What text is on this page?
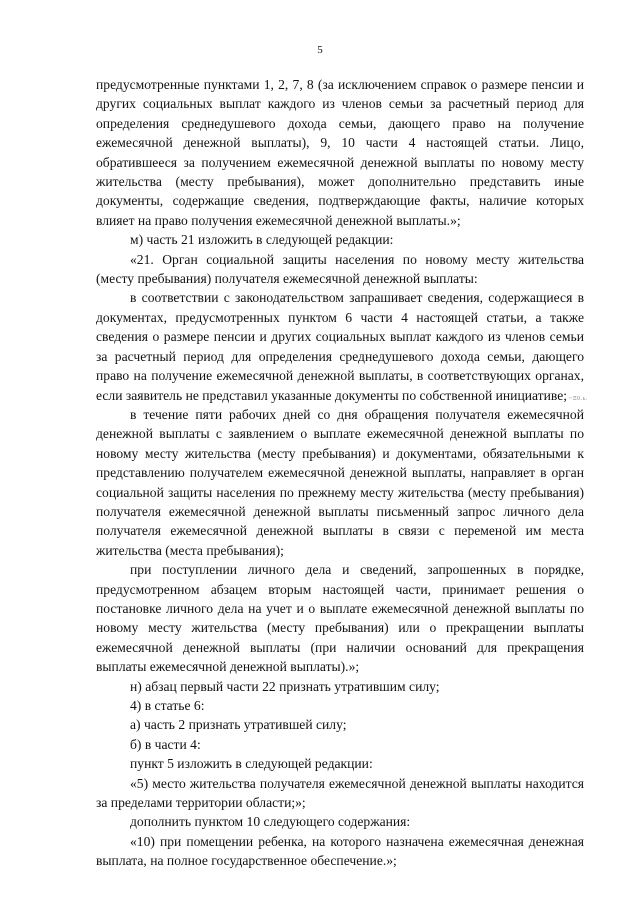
5
~Ξ0.ь.

предусмотренные пунктами 1, 2, 7, 8 (за исключением справок о размере пенсии и других социальных выплат каждого из членов семьи за расчетный период для определения среднедушевого дохода семьи, дающего право на получение ежемесячной денежной выплаты), 9, 10 части 4 настоящей статьи. Лицо, обратившееся за получением ежемесячной денежной выплаты по новому месту жительства (месту пребывания), может дополнительно представить иные документы, содержащие сведения, подтверждающие факты, наличие которых влияет на право получения ежемесячной денежной выплаты.»;

м) часть 21 изложить в следующей редакции:

«21. Орган социальной защиты населения по новому месту жительства (месту пребывания) получателя ежемесячной денежной выплаты:

в соответствии с законодательством запрашивает сведения, содержащиеся в документах, предусмотренных пунктом 6 части 4 настоящей статьи, а также сведения о размере пенсии и других социальных выплат каждого из членов семьи за расчетный период для определения среднедушевого дохода семьи, дающего право на получение ежемесячной денежной выплаты, в соответствующих органах, если заявитель не представил указанные документы по собственной инициативе;

в течение пяти рабочих дней со дня обращения получателя ежемесячной денежной выплаты с заявлением о выплате ежемесячной денежной выплаты по новому месту жительства (месту пребывания) и документами, обязательными к представлению получателем ежемесячной денежной выплаты, направляет в орган социальной защиты населения по прежнему месту жительства (месту пребывания) получателя ежемесячной денежной выплаты письменный запрос личного дела получателя ежемесячной денежной выплаты в связи с переменой им места жительства (места пребывания);

при поступлении личного дела и сведений, запрошенных в порядке, предусмотренном абзацем вторым настоящей части, принимает решения о постановке личного дела на учет и о выплате ежемесячной денежной выплаты по новому месту жительства (месту пребывания) или о прекращении выплаты ежемесячной денежной выплаты (при наличии оснований для прекращения выплаты ежемесячной денежной выплаты).»;

н) абзац первый части 22 признать утратившим силу;

4) в статье 6:

а) часть 2 признать утратившей силу;

б) в части 4:

пункт 5 изложить в следующей редакции:

«5) место жительства получателя ежемесячной денежной выплаты находится за пределами территории области;»;

дополнить пунктом 10 следующего содержания:

«10) при помещении ребенка, на которого назначена ежемесячная денежная выплата, на полное государственное обеспечение.»;
